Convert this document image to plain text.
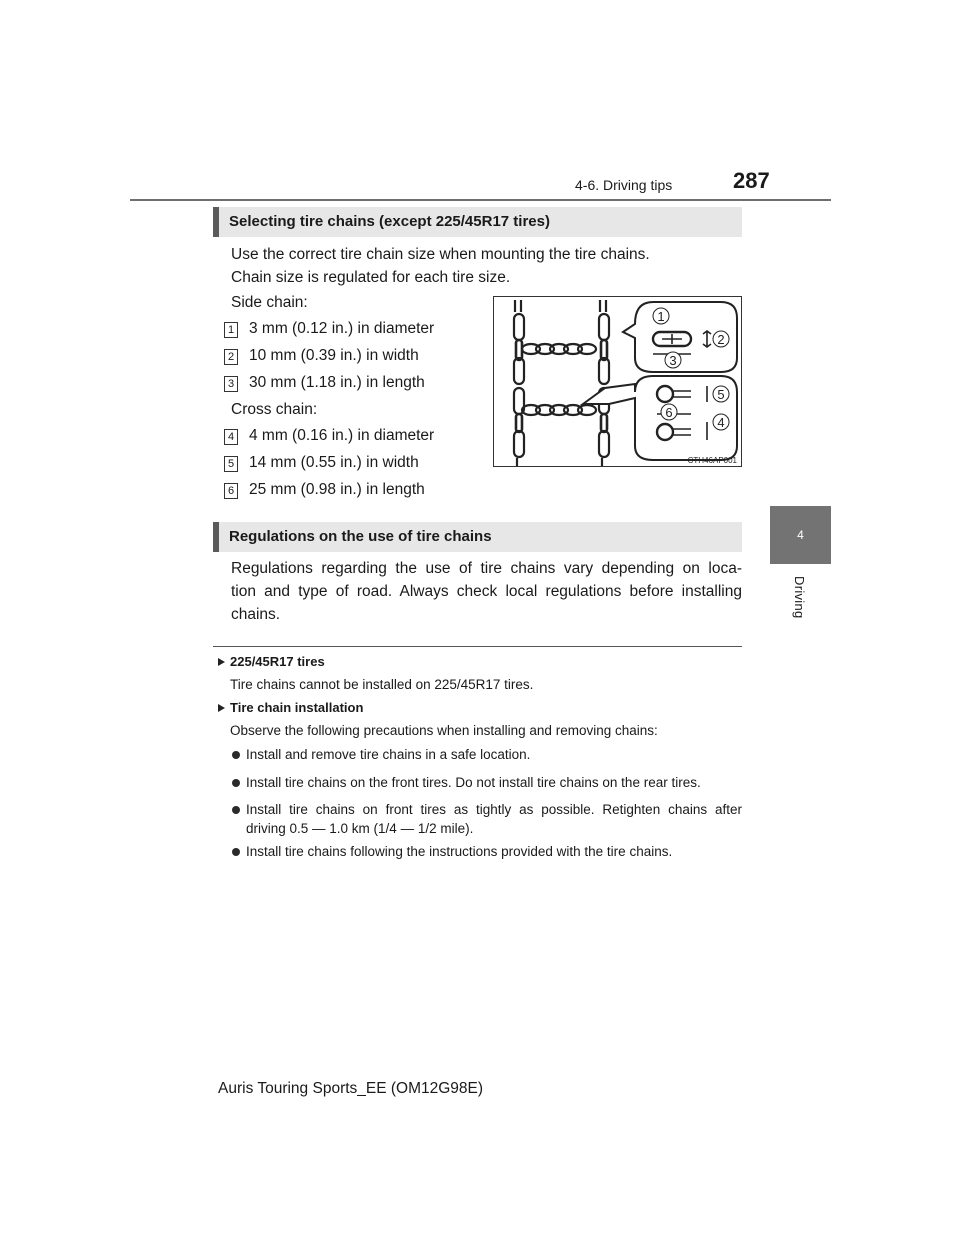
4-6. Driving tips	287
4
Driving
Selecting tire chains (except 225/45R17 tires)
Use the correct tire chain size when mounting the tire chains.
Chain size is regulated for each tire size.
Side chain:
1 3 mm (0.12 in.) in diameter
2 10 mm (0.39 in.) in width
3 30 mm (1.18 in.) in length
Cross chain:
4 4 mm (0.16 in.) in diameter
5 14 mm (0.55 in.) in width
6 25 mm (0.98 in.) in length
1
2
3
5
6
4
CTH46AP001
Regulations on the use of tire chains
Regulations regarding the use of tire chains vary depending on loca-
tion and type of road. Always check local regulations before installing
chains.
225/45R17 tires
Tire chains cannot be installed on 225/45R17 tires.
Tire chain installation
Observe the following precautions when installing and removing chains:
Install and remove tire chains in a safe location.
Install tire chains on the front tires. Do not install tire chains on the rear tires.
Install tire chains on front tires as tightly as possible. Retighten chains after
driving 0.5 — 1.0 km (1/4 — 1/2 mile).
Install tire chains following the instructions provided with the tire chains.
Auris Touring Sports_EE (OM12G98E)
